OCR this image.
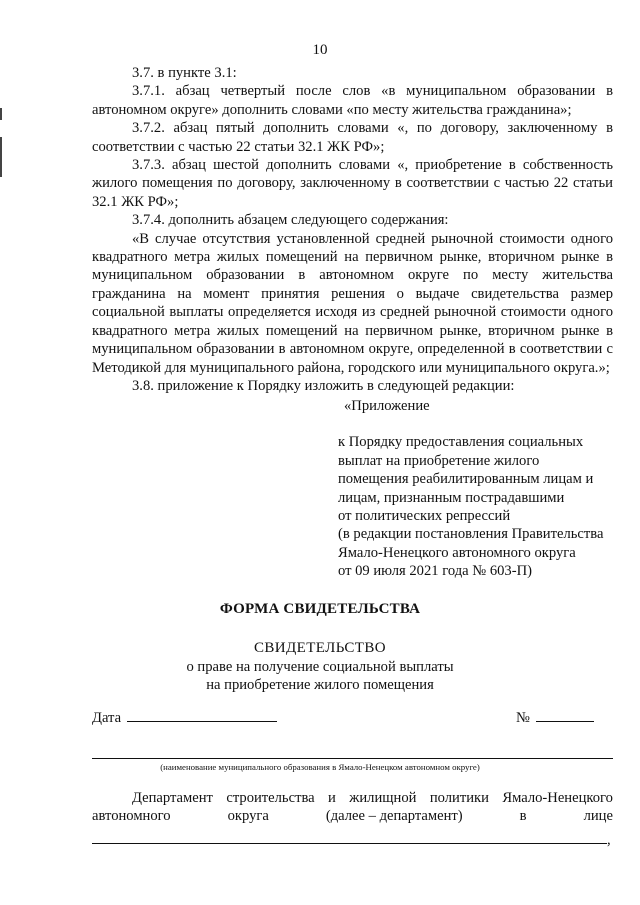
10

3.7. в пункте 3.1:

3.7.1. абзац четвертый после слов «в муниципальном образовании в автономном округе» дополнить словами «по месту жительства гражданина»;

3.7.2. абзац пятый дополнить словами «, по договору, заключенному в соответствии с частью 22 статьи 32.1 ЖК РФ»;

3.7.3. абзац шестой дополнить словами «, приобретение в собственность жилого помещения по договору, заключенному в соответствии с частью 22 статьи 32.1 ЖК РФ»;

3.7.4. дополнить абзацем следующего содержания:

«В случае отсутствия установленной средней рыночной стоимости одного квадратного метра жилых помещений на первичном рынке, вторичном рынке в муниципальном образовании в автономном округе по месту жительства гражданина на момент принятия решения о выдаче свидетельства размер социальной выплаты определяется исходя из средней рыночной стоимости одного квадратного метра жилых помещений на первичном рынке, вторичном рынке в муниципальном образовании в автономном округе, определенной в соответствии с Методикой для муниципального района, городского или муниципального округа.»;

3.8. приложение к Порядку изложить в следующей редакции:

«Приложение
к Порядку предоставления социальных
выплат на приобретение жилого
помещения реабилитированным лицам и
лицам, признанным пострадавшими
от политических репрессий
(в редакции постановления Правительства
Ямало-Ненецкого автономного округа
от 09 июля 2021 года № 603-П)
ФОРМА СВИДЕТЕЛЬСТВА
СВИДЕТЕЛЬСТВО
о праве на получение социальной выплаты
на приобретение жилого помещения
Дата	№
(наименование муниципального образования в Ямало-Ненецком автономном округе)
Департамент строительства и жилищной политики Ямало-Ненецкого
автономного	округа	(далее – департамент)	в	лице
,
